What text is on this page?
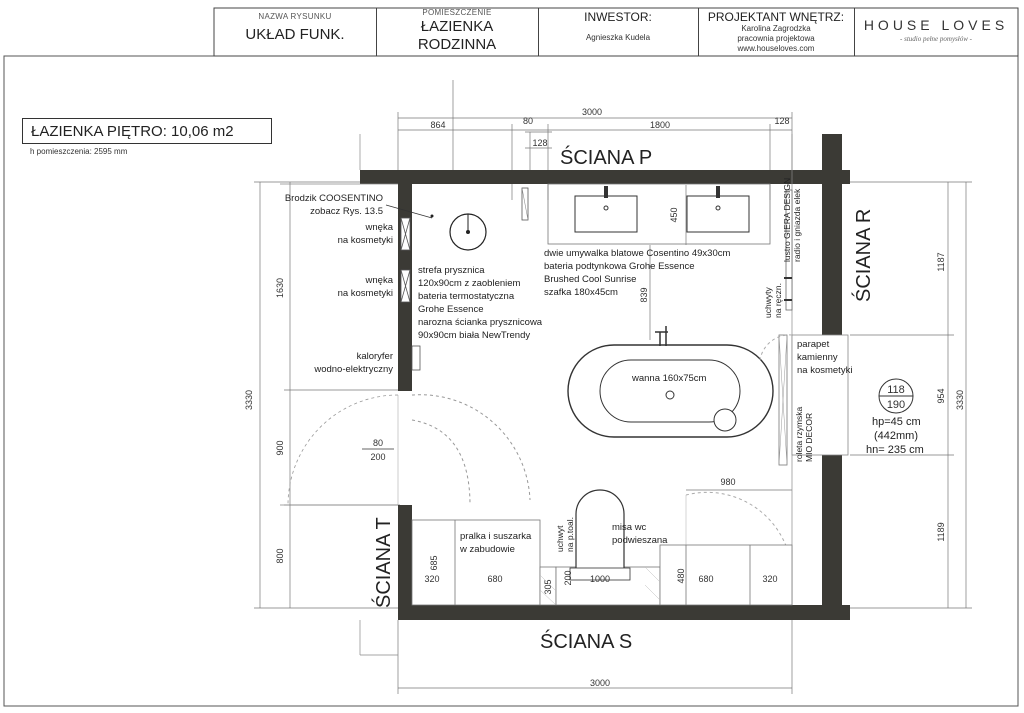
NAZWA RYSUNKU
UKŁAD FUNK.
POMIESZCZENIE
ŁAZIENKA
RODZINNA
INWESTOR:
Agnieszka Kudela
PROJEKTANT WNĘTRZ:
Karolina Zagrodzka
pracownia projektowa
www.houseloves.com
HOUSE LOVES
- studio pełne pomysłów -
ŁAZIENKA PIĘTRO: 10,06 m2
h pomieszczenia: 2595 mm
3000
864	80	1800	128
128
3000
3330
1630
900
800
3330
1187
954
1189
450
839
980
685
305
320	680	200 1000	480 680	320
80
200
118
190
ŚCIANA P
ŚCIANA S
ŚCIANA R
ŚCIANA T
Brodzik COOSENTINO
zobacz Rys. 13.5
wnęka
na kosmetyki
wnęka
na kosmetyki
kaloryfer
wodno-elektryczny
strefa prysznica
120x90cm z zaobleniem
bateria termostatyczna
Grohe Essence
narozna ścianka prysznicowa
90x90cm biała NewTrendy
dwie umywalka blatowe Cosentino 49x30cm
bateria podtynkowa Grohe Essence
Brushed Cool Sunrise
szafka 180x45cm
lustro GIERA DESIGN radio i gniazda elek
uchwyty na ręczn.
parapet
kamienny
na kosmetyki
hp=45 cm
(442mm)
hn= 235 cm
wanna 160x75cm
roleta rzymska MIO DECOR
pralka i suszarka
w zabudowie	uchwyt na p.toal.	misa wc
podwieszana
